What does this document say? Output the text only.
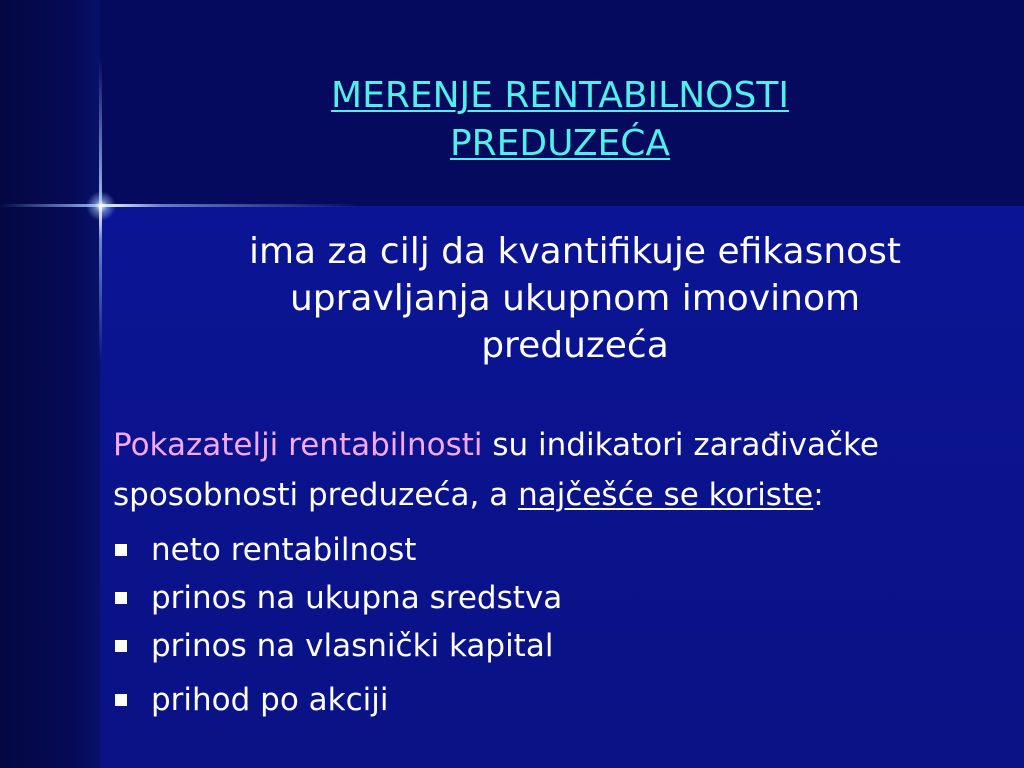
MERENJE RENTABILNOSTI
PREDUZEĆA
ima za cilj da kvantifikuje efikasnost
upravljanja ukupnom imovinom
preduzeća
Pokazatelji rentabilnosti su indikatori zarađivačke
sposobnosti preduzeća, a najčešće se koriste:
neto rentabilnost
prinos na ukupna sredstva
prinos na vlasnički kapital
prihod po akciji
